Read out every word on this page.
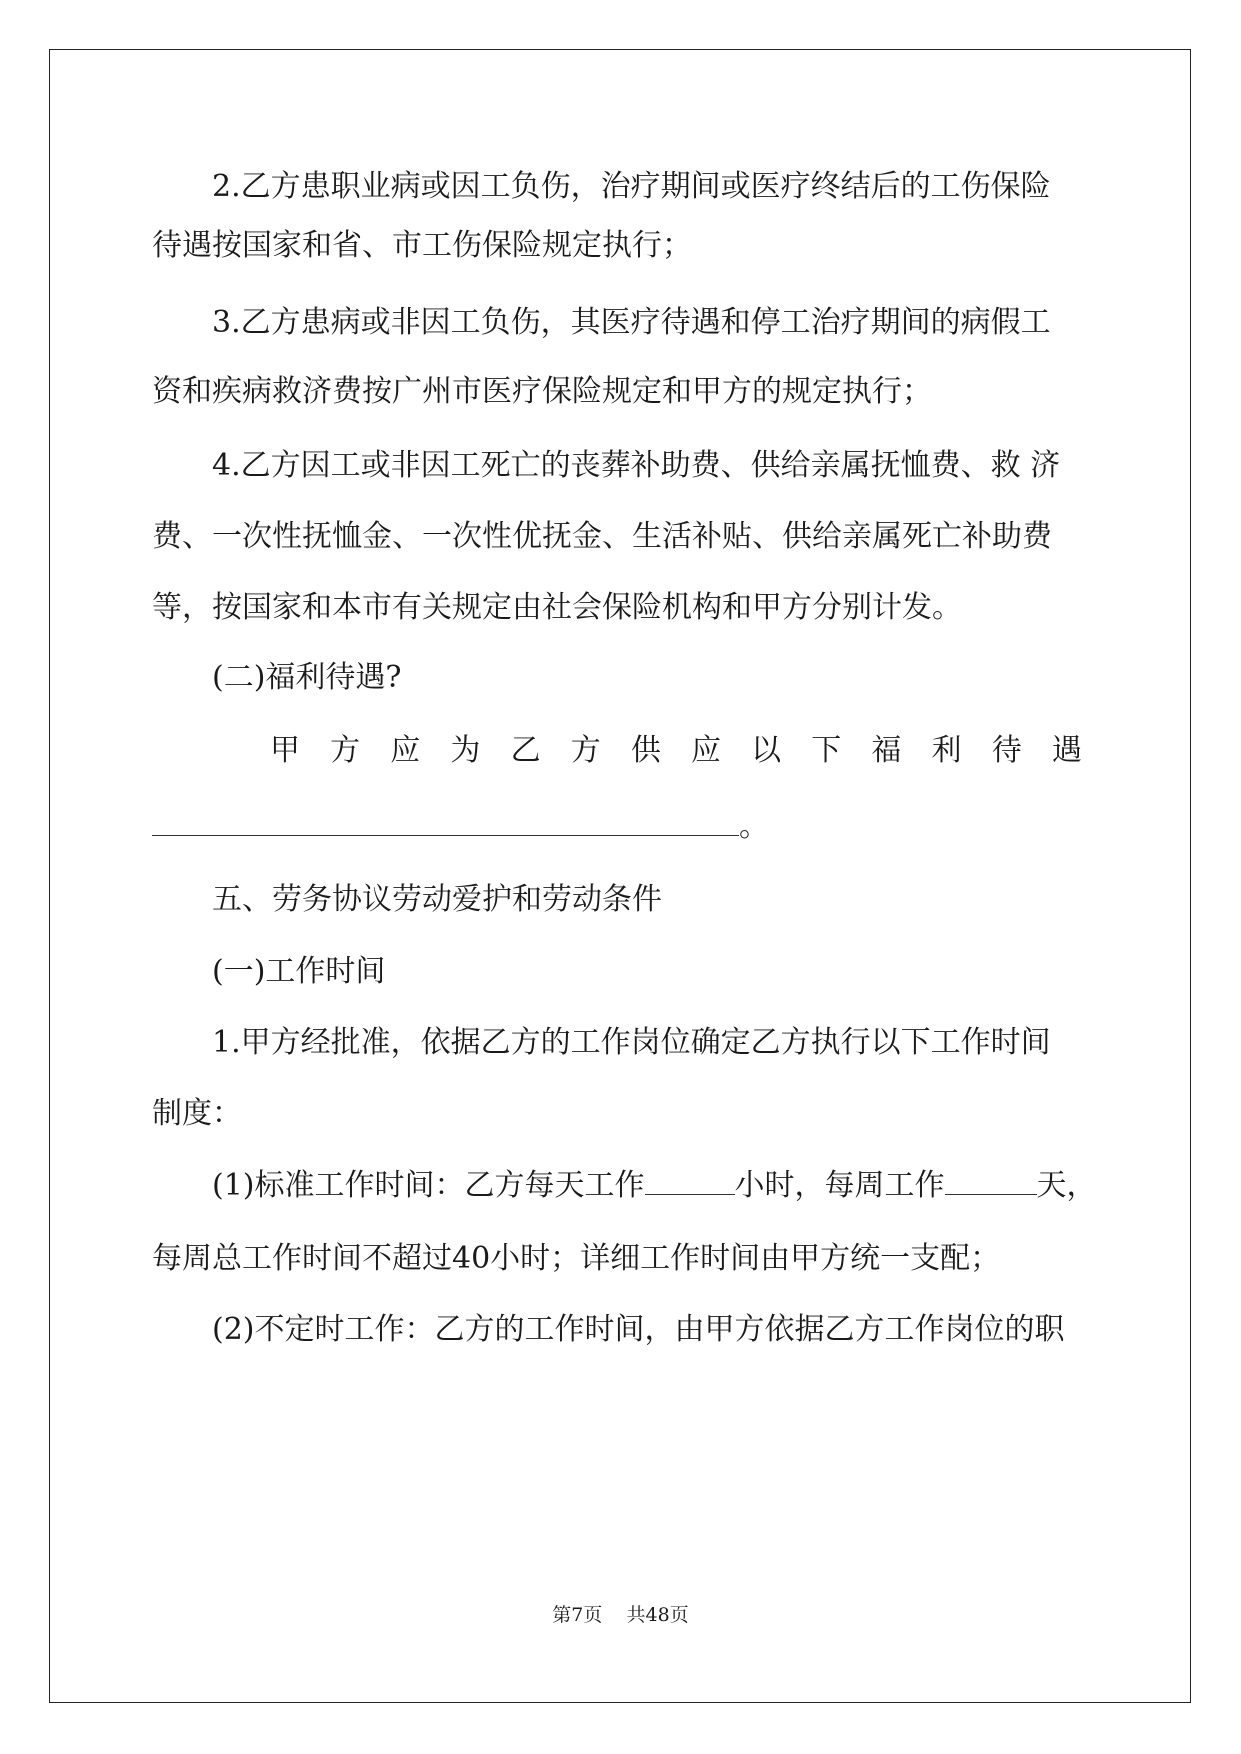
2.乙方患职业病或因工负伤，治疗期间或医疗终结后的工伤保险
待遇按国家和省、市工伤保险规定执行；
3.乙方患病或非因工负伤，其医疗待遇和停工治疗期间的病假工
资和疾病救济费按广州市医疗保险规定和甲方的规定执行；
4.乙方因工或非因工死亡的丧葬补助费、供给亲属抚恤费、救 济
费、一次性抚恤金、一次性优抚金、生活补贴、供给亲属死亡补助费
等，按国家和本市有关规定由社会保险机构和甲方分别计发。
(二)福利待遇?
甲 方 应 为 乙 方 供 应 以 下 福 利 待 遇
。
五、劳务协议劳动爱护和劳动条件
(一)工作时间
1.甲方经批准，依据乙方的工作岗位确定乙方执行以下工作时间
制度：
(1)标准工作时间：乙方每天工作	小时，每周工作	天，
每周总工作时间不超过40小时；详细工作时间由甲方统一支配；
(2)不定时工作：乙方的工作时间，由甲方依据乙方工作岗位的职
第7页 共48页
